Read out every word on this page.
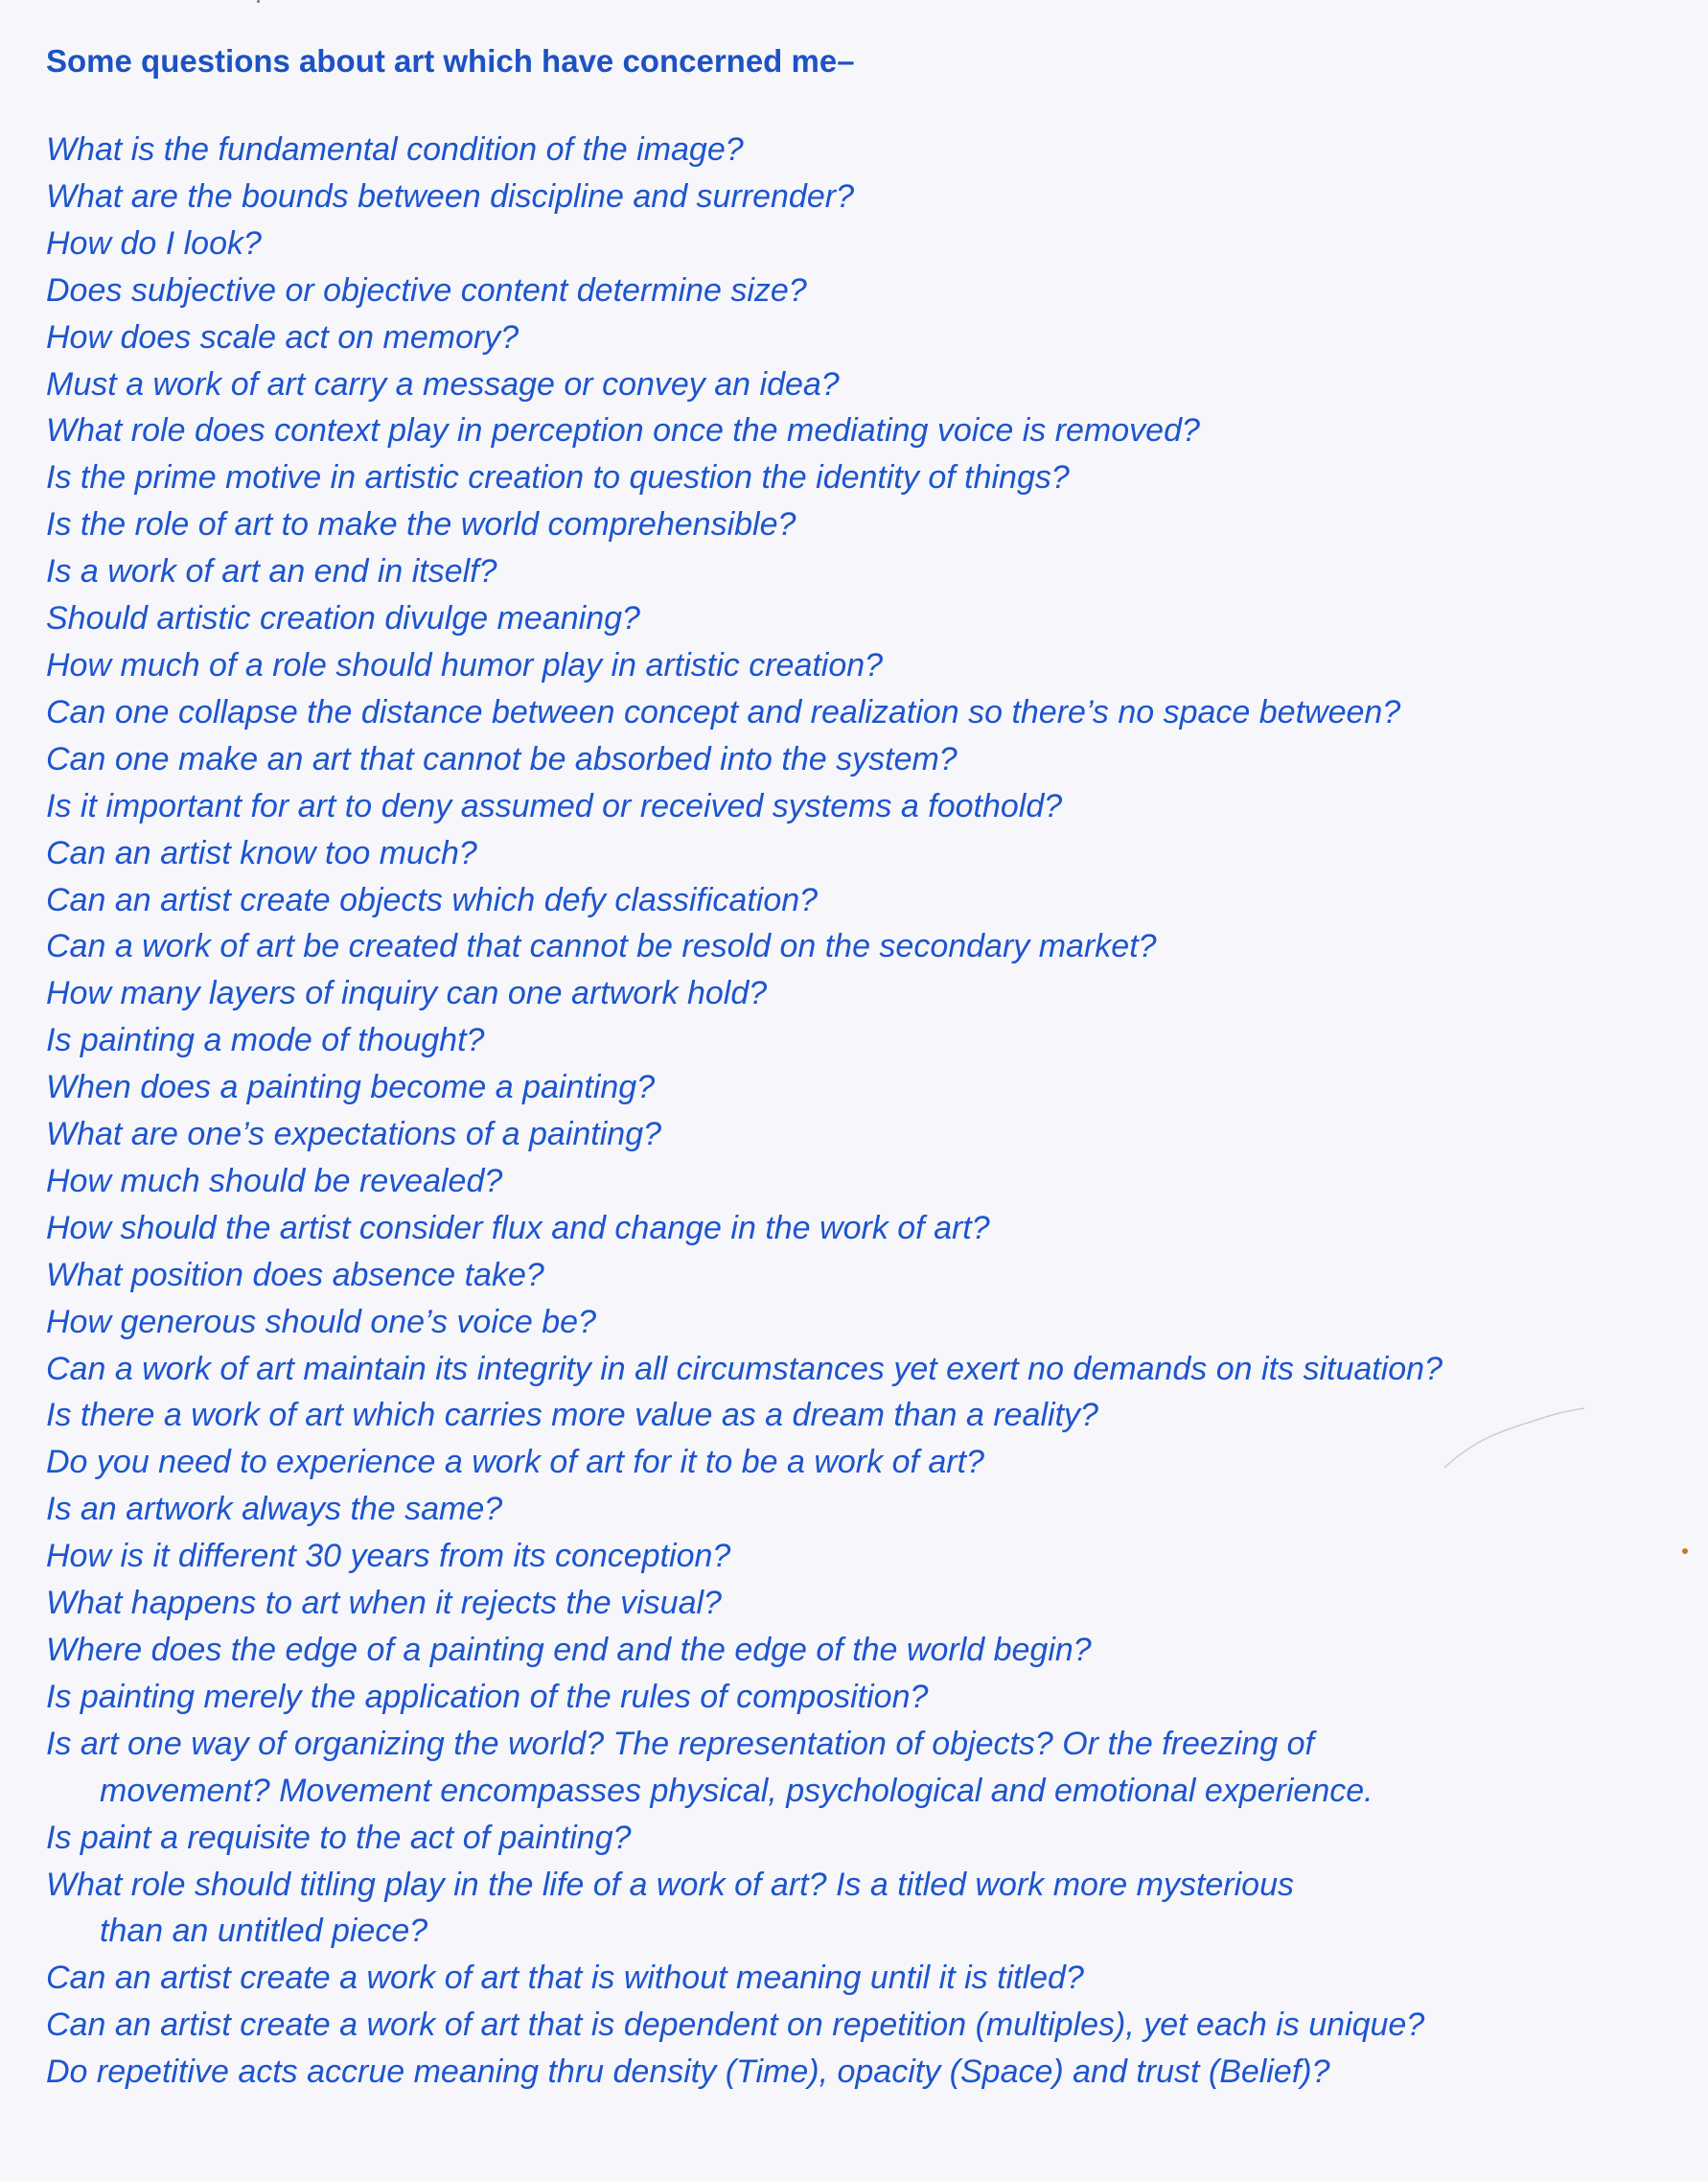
Some questions about art which have concerned me–
What is the fundamental condition of the image?
What are the bounds between discipline and surrender?
How do I look?
Does subjective or objective content determine size?
How does scale act on memory?
Must a work of art carry a message or convey an idea?
What role does context play in perception once the mediating voice is removed?
Is the prime motive in artistic creation to question the identity of things?
Is the role of art to make the world comprehensible?
Is a work of art an end in itself?
Should artistic creation divulge meaning?
How much of a role should humor play in artistic creation?
Can one collapse the distance between concept and realization so there’s no space between?
Can one make an art that cannot be absorbed into the system?
Is it important for art to deny assumed or received systems a foothold?
Can an artist know too much?
Can an artist create objects which defy classification?
Can a work of art be created that cannot be resold on the secondary market?
How many layers of inquiry can one artwork hold?
Is painting a mode of thought?
When does a painting become a painting?
What are one’s expectations of a painting?
How much should be revealed?
How should the artist consider flux and change in the work of art?
What position does absence take?
How generous should one’s voice be?
Can a work of art maintain its integrity in all circumstances yet exert no demands on its situation?
Is there a work of art which carries more value as a dream than a reality?
Do you need to experience a work of art for it to be a work of art?
Is an artwork always the same?
How is it different 30 years from its conception?
What happens to art when it rejects the visual?
Where does the edge of a painting end and the edge of the world begin?
Is painting merely the application of the rules of composition?
Is art one way of organizing the world? The representation of objects? Or the freezing of
movement? Movement encompasses physical, psychological and emotional experience.
Is paint a requisite to the act of painting?
What role should titling play in the life of a work of art? Is a titled work more mysterious
than an untitled piece?
Can an artist create a work of art that is without meaning until it is titled?
Can an artist create a work of art that is dependent on repetition (multiples), yet each is unique?
Do repetitive acts accrue meaning thru density (Time), opacity (Space) and trust (Belief)?
